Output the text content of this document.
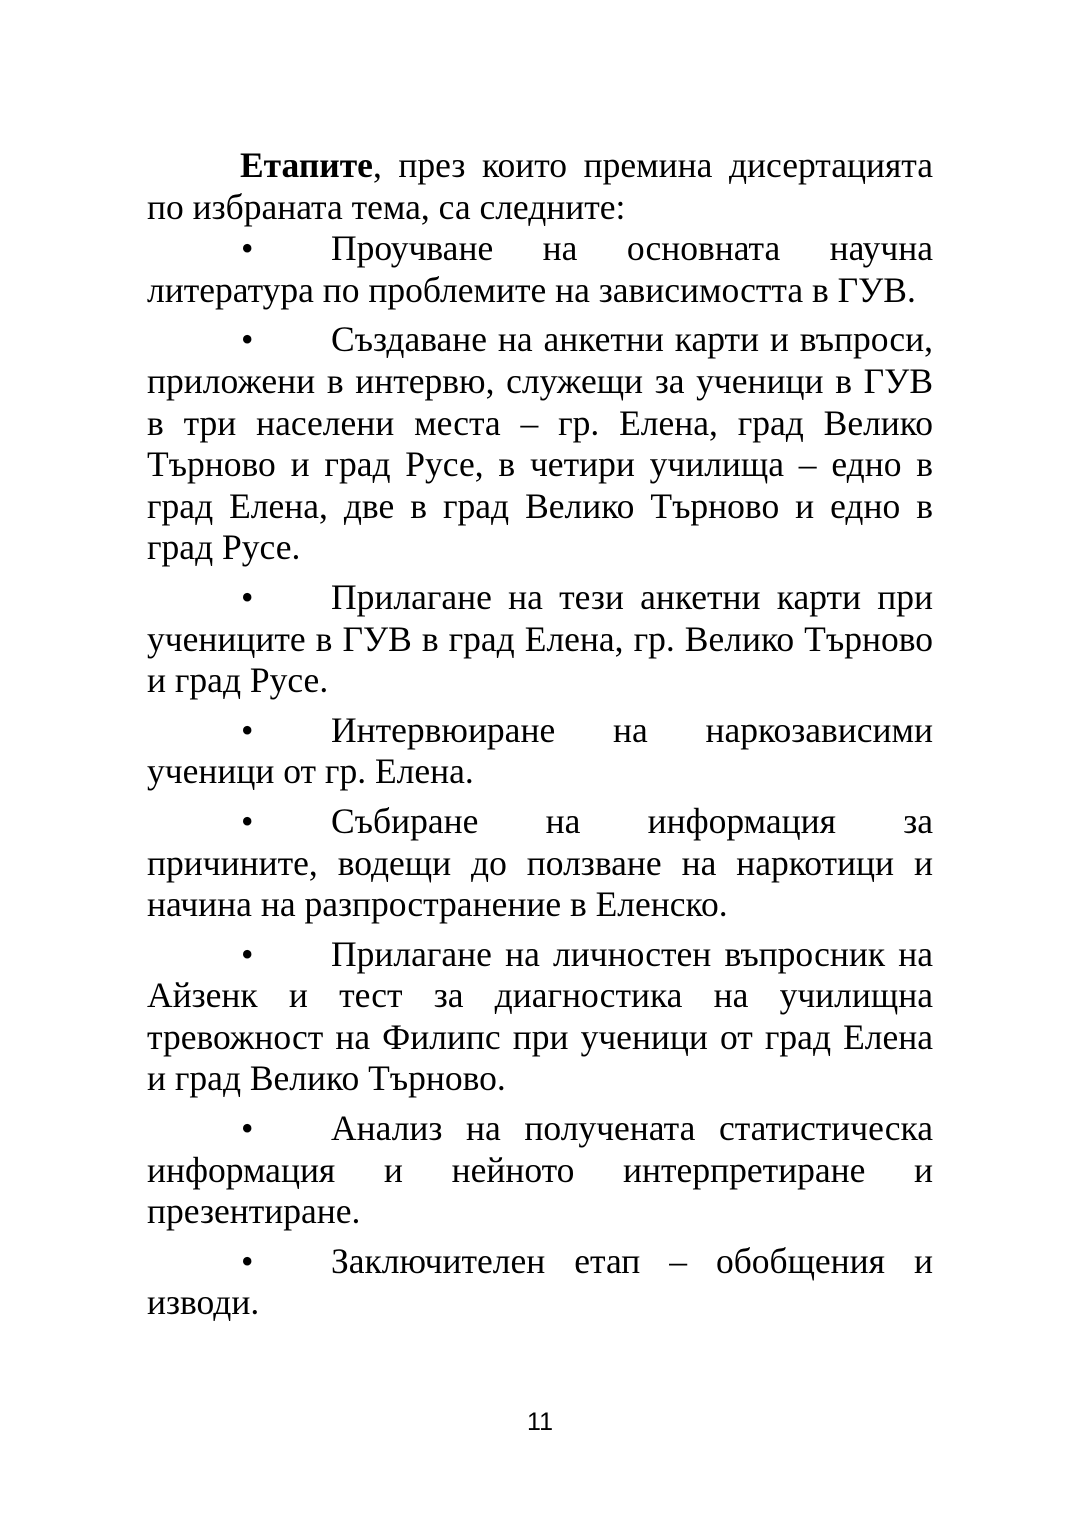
Етапите, през които премина дисертацията по избраната тема, са следните:

• Проучване на основната научна литература по проблемите на зависимостта в ГУВ.

• Създаване на анкетни карти и въпроси, приложени в интервю, служещи за ученици в ГУВ в три населени места – гр. Елена, град Велико Търново и град Русе, в четири училища – едно в град Елена, две в град Велико Търново и едно в град Русе.

• Прилагане на тези анкетни карти при учениците в ГУВ в град Елена, гр. Велико Търново и град Русе.

• Интервюиране на наркозависими ученици от гр. Елена.

• Събиране на информация за причините, водещи до ползване на наркотици и начина на разпространение в Еленско.

• Прилагане на личностен въпросник на Айзенк и тест за диагностика на училищна тревожност на Филипс при ученици от град Елена и град Велико Търново.

• Анализ на получената статистическа информация и нейното интерпретиране и презентиране.

• Заключителен етап – обобщения и изводи.

11
